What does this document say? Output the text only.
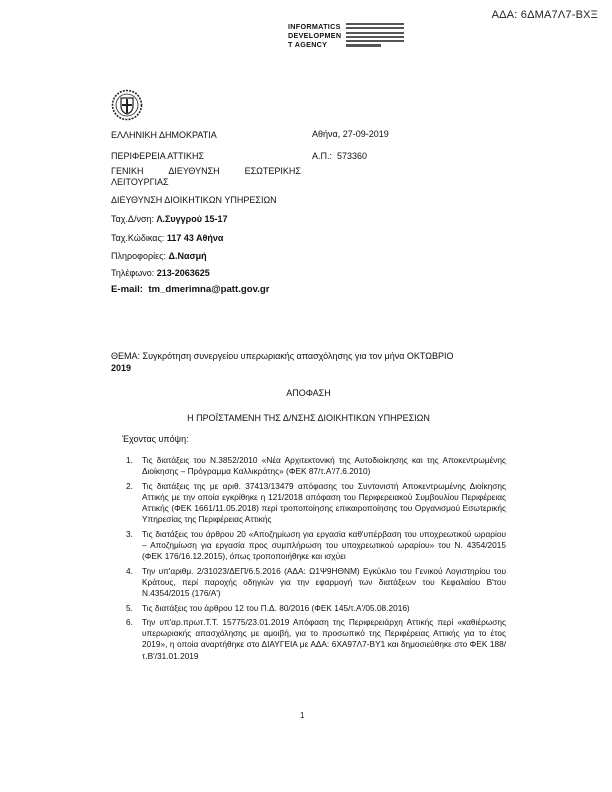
ΑΔΑ: 6ΔΜΑ7Λ7-ΒΧΞ
INFORMATICS
DEVELOPMEN
T AGENCY
ΕΛΛΗΝΙΚΗ ΔΗΜΟΚΡΑΤΙΑ
ΠΕΡΙΦΕΡΕΙΑ ΑΤΤΙΚΗΣ
ΓΕΝΙΚΗ	ΔΙΕΥΘΥΝΣΗ	ΕΣΩΤΕΡΙΚΗΣ
ΛΕΙΤΟΥΡΓΙΑΣ
ΔΙΕΥΘΥΝΣΗ ΔΙΟΙΚΗΤΙΚΩΝ ΥΠΗΡΕΣΙΩΝ
Αθήνα, 27-09-2019
Α.Π.: 573360
Ταχ.Δ/νση: Λ.Συγγρού 15-17
Ταχ.Κώδικας: 117 43 Αθήνα
Πληροφορίες: Δ.Νασμή
Τηλέφωνο: 213-2063625
E-mail: tm_dmerimna@patt.gov.gr
ΘΕΜΑ: Συγκρότηση συνεργείου υπερωριακής απασχόλησης για τον μήνα ΟΚΤΩΒΡΙΟ
2019
ΑΠΟΦΑΣΗ
Η ΠΡΟΪΣΤΑΜΕΝΗ ΤΗΣ Δ/ΝΣΗΣ ΔΙΟΙΚΗΤΙΚΩΝ ΥΠΗΡΕΣΙΩΝ
Έχοντας υπόψη:
1. Τις διατάξεις του Ν.3852/2010 «Νέα Αρχιτεκτονική της Αυτοδιοίκησης και της Αποκεντρωμένης Διοίκησης – Πρόγραμμα Καλλικράτης» (ΦΕΚ 87/τ.Α'/7.6.2010)
2. Τις διατάξεις της με αριθ. 37413/13479 απόφασης του Συντονιστή Αποκεντρωμένης Διοίκησης Αττικής με την οποία εγκρίθηκε η 121/2018 απόφαση του Περιφερειακού Συμβουλίου Περιφέρειας Αττικής (ΦΕΚ 1661/11.05.2018) περί τροποποίησης επικαιροποίησης του Οργανισμού Εσωτερικής Υπηρεσίας της Περιφέρειας Αττικής
3. Τις διατάξεις του άρθρου 20 «Αποζημίωση για εργασία καθ'υπέρβαση του υποχρεωτικού ωραρίου – Αποζημίωση για εργασία προς συμπλήρωση του υποχρεωτικού ωραρίου» του Ν. 4354/2015 (ΦΕΚ 176/16.12.2015), όπως τροποποιήθηκε και ισχύει
4. Την υπ'αριθμ. 2/31023/ΔΕΠ/6.5.2016 (ΑΔΑ: Ω1Ψ9ΗΘΝΜ) Εγκύκλιο του Γενικού Λογιστηρίου του Κράτους, περί παροχής οδηγιών για την εφαρμογή των διατάξεων του Κεφαλαίου Β'του Ν.4354/2015 (176/Α')
5. Τις διατάξεις του άρθρου 12 του Π.Δ. 80/2016 (ΦΕΚ 145/τ.Α'/05.08.2016)
6. Την υπ'αρ.πρωτ.Τ.Τ. 15775/23.01.2019 Απόφαση της Περιφερειάρχη Αττικής περί «καθιέρωσης υπερωριακής απασχόλησης με αμοιβή, για το προσωπικό της Περιφέρειας Αττικής για το έτος 2019», η οποία αναρτήθηκε στο ΔΙΑΥΓΕΙΑ με ΑΔΑ: 6ΧΑ97Λ7-ΒΥ1 και δημοσιεύθηκε στο ΦΕΚ 188/τ.Β'/31.01.2019
1
